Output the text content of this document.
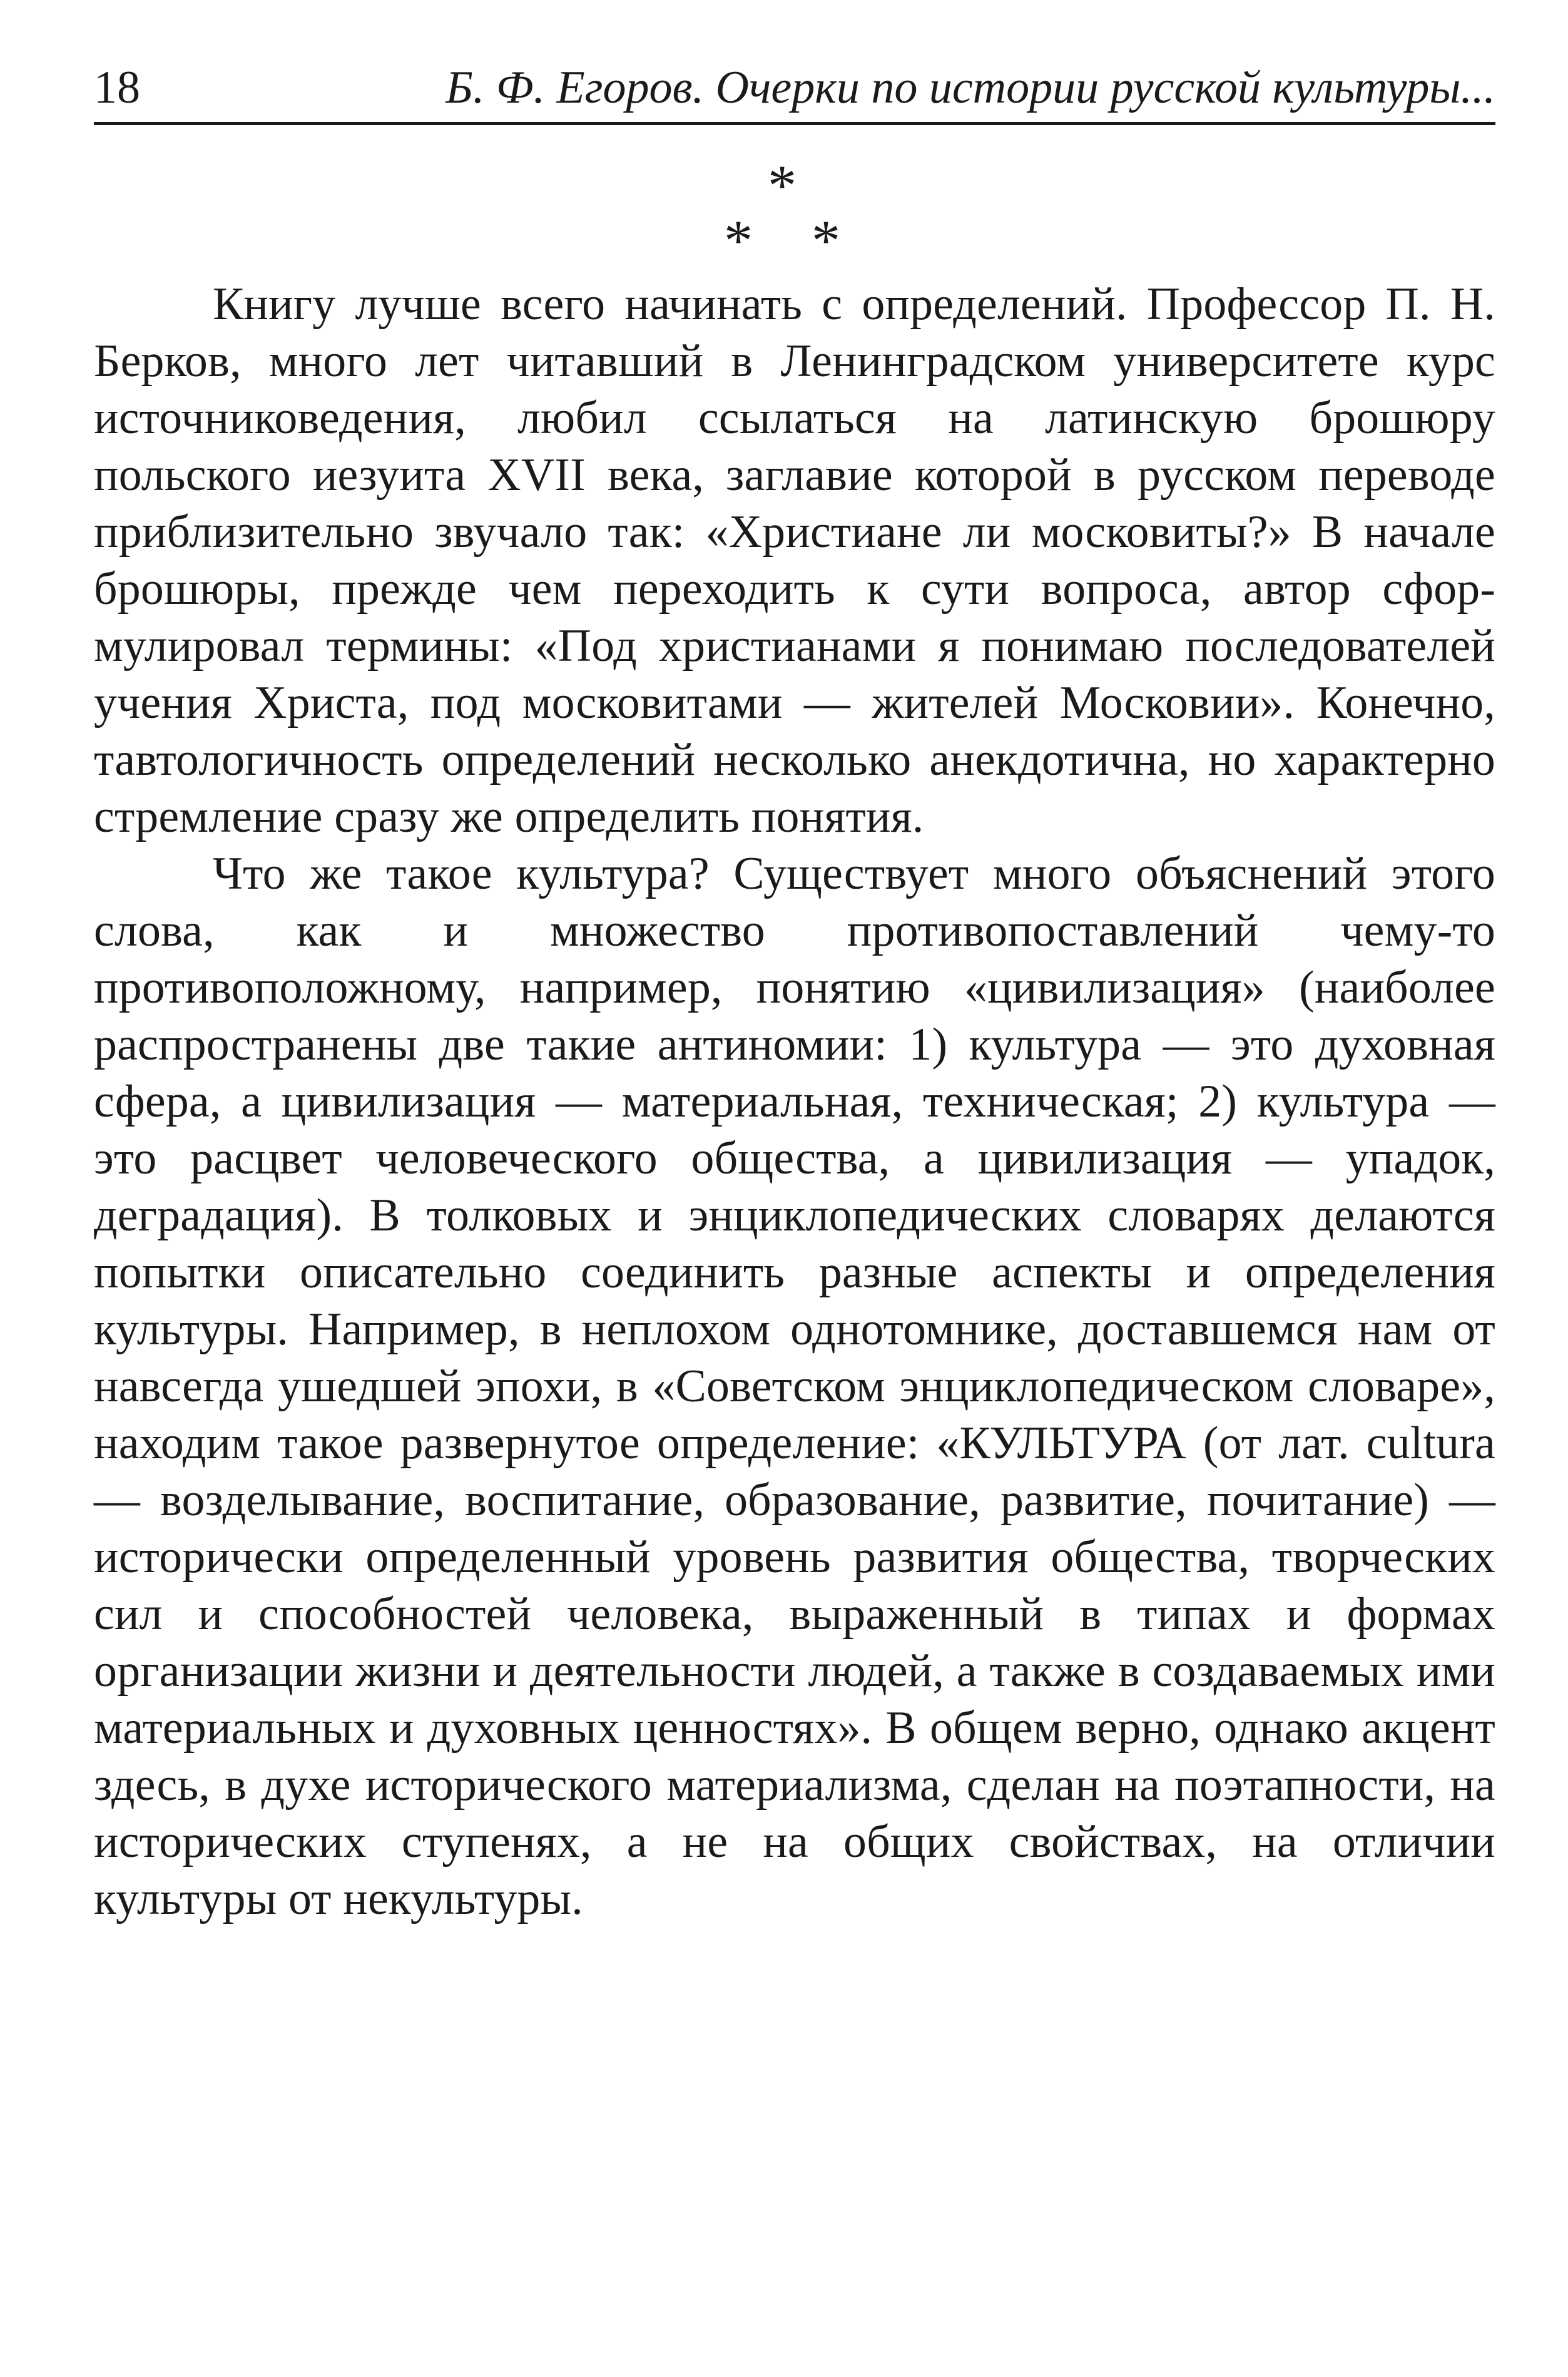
18	Б. Ф. Егоров. Очерки по истории русской культуры...
*
* *

Книгу лучше всего начинать с определений. Профессор П. Н. Берков, много лет читавший в Ленинградском университете курс источниковедения, любил ссылаться на латинскую брошюру польского иезуита XVII века, заглавие которой в русском переводе приблизительно звучало так: «Христиане ли московиты?» В начале брошюры, прежде чем переходить к сути вопроса, автор сформулировал термины: «Под христианами я понимаю последователей учения Христа, под московитами — жителей Московии». Конечно, тавтологичность определений несколько анекдотична, но характерно стремление сразу же определить понятия.

Что же такое культура? Существует много объяснений этого слова, как и множество противопоставлений чему-то противоположному, например, понятию «цивилизация» (наиболее распространены две такие антиномии: 1) культура — это духовная сфера, а цивилизация — материальная, техническая; 2) культура — это расцвет человеческого общества, а цивилизация — упадок, деградация). В толковых и энциклопедических словарях делаются попытки описательно соединить разные аспекты и определения культуры. Например, в неплохом однотомнике, доставшемся нам от навсегда ушедшей эпохи, в «Советском энциклопедическом словаре», находим такое развернутое определение: «КУЛЬТУРА (от лат. cultura — возделывание, воспитание, образование, развитие, почитание) — исторически определенный уровень развития общества, творческих сил и способностей человека, выраженный в типах и формах организации жизни и деятельности людей, а также в создаваемых ими материальных и духовных ценностях». В общем верно, однако акцент здесь, в духе исторического материализма, сделан на поэтапности, на исторических ступенях, а не на общих свойствах, на отличии культуры от некультуры.
